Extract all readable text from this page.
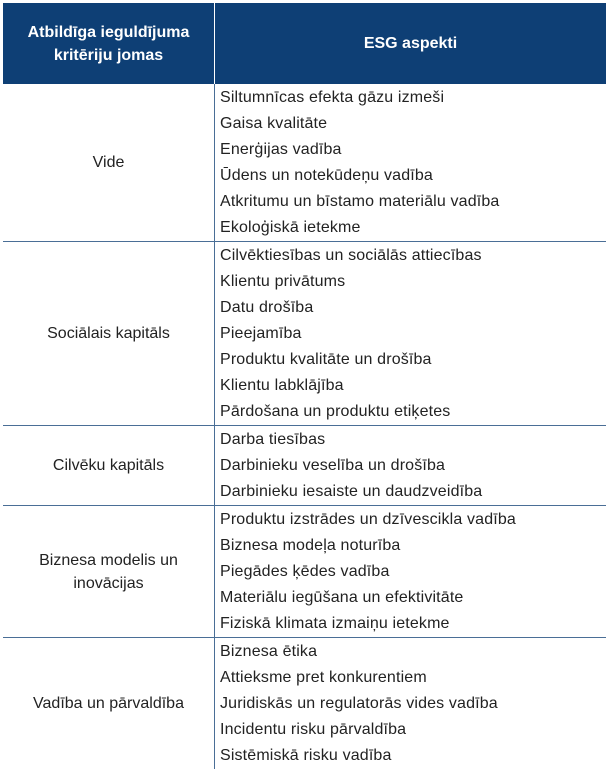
Atbildīga ieguldījuma kritēriju jomas
ESG aspekti
Vide
Siltumnīcas efekta gāzu izmeši
Gaisa kvalitāte
Enerģijas vadība
Ūdens un notekūdeņu vadība
Atkritumu un bīstamo materiālu vadība
Ekoloģiskā ietekme
Sociālais kapitāls
Cilvēktiesības un sociālās attiecības
Klientu privātums
Datu drošība
Pieejamība
Produktu kvalitāte un drošība
Klientu labklājība
Pārdošana un produktu etiķetes
Cilvēku kapitāls
Darba tiesības
Darbinieku veselība un drošība
Darbinieku iesaiste un daudzveidība
Biznesa modelis un inovācijas
Produktu izstrādes un dzīvescikla vadība
Biznesa modeļa noturība
Piegādes ķēdes vadība
Materiālu iegūšana un efektivitāte
Fiziskā klimata izmaiņu ietekme
Vadība un pārvaldība
Biznesa ētika
Attieksme pret konkurentiem
Juridiskās un regulatorās vides vadība
Incidentu risku pārvaldība
Sistēmiskā risku vadība
